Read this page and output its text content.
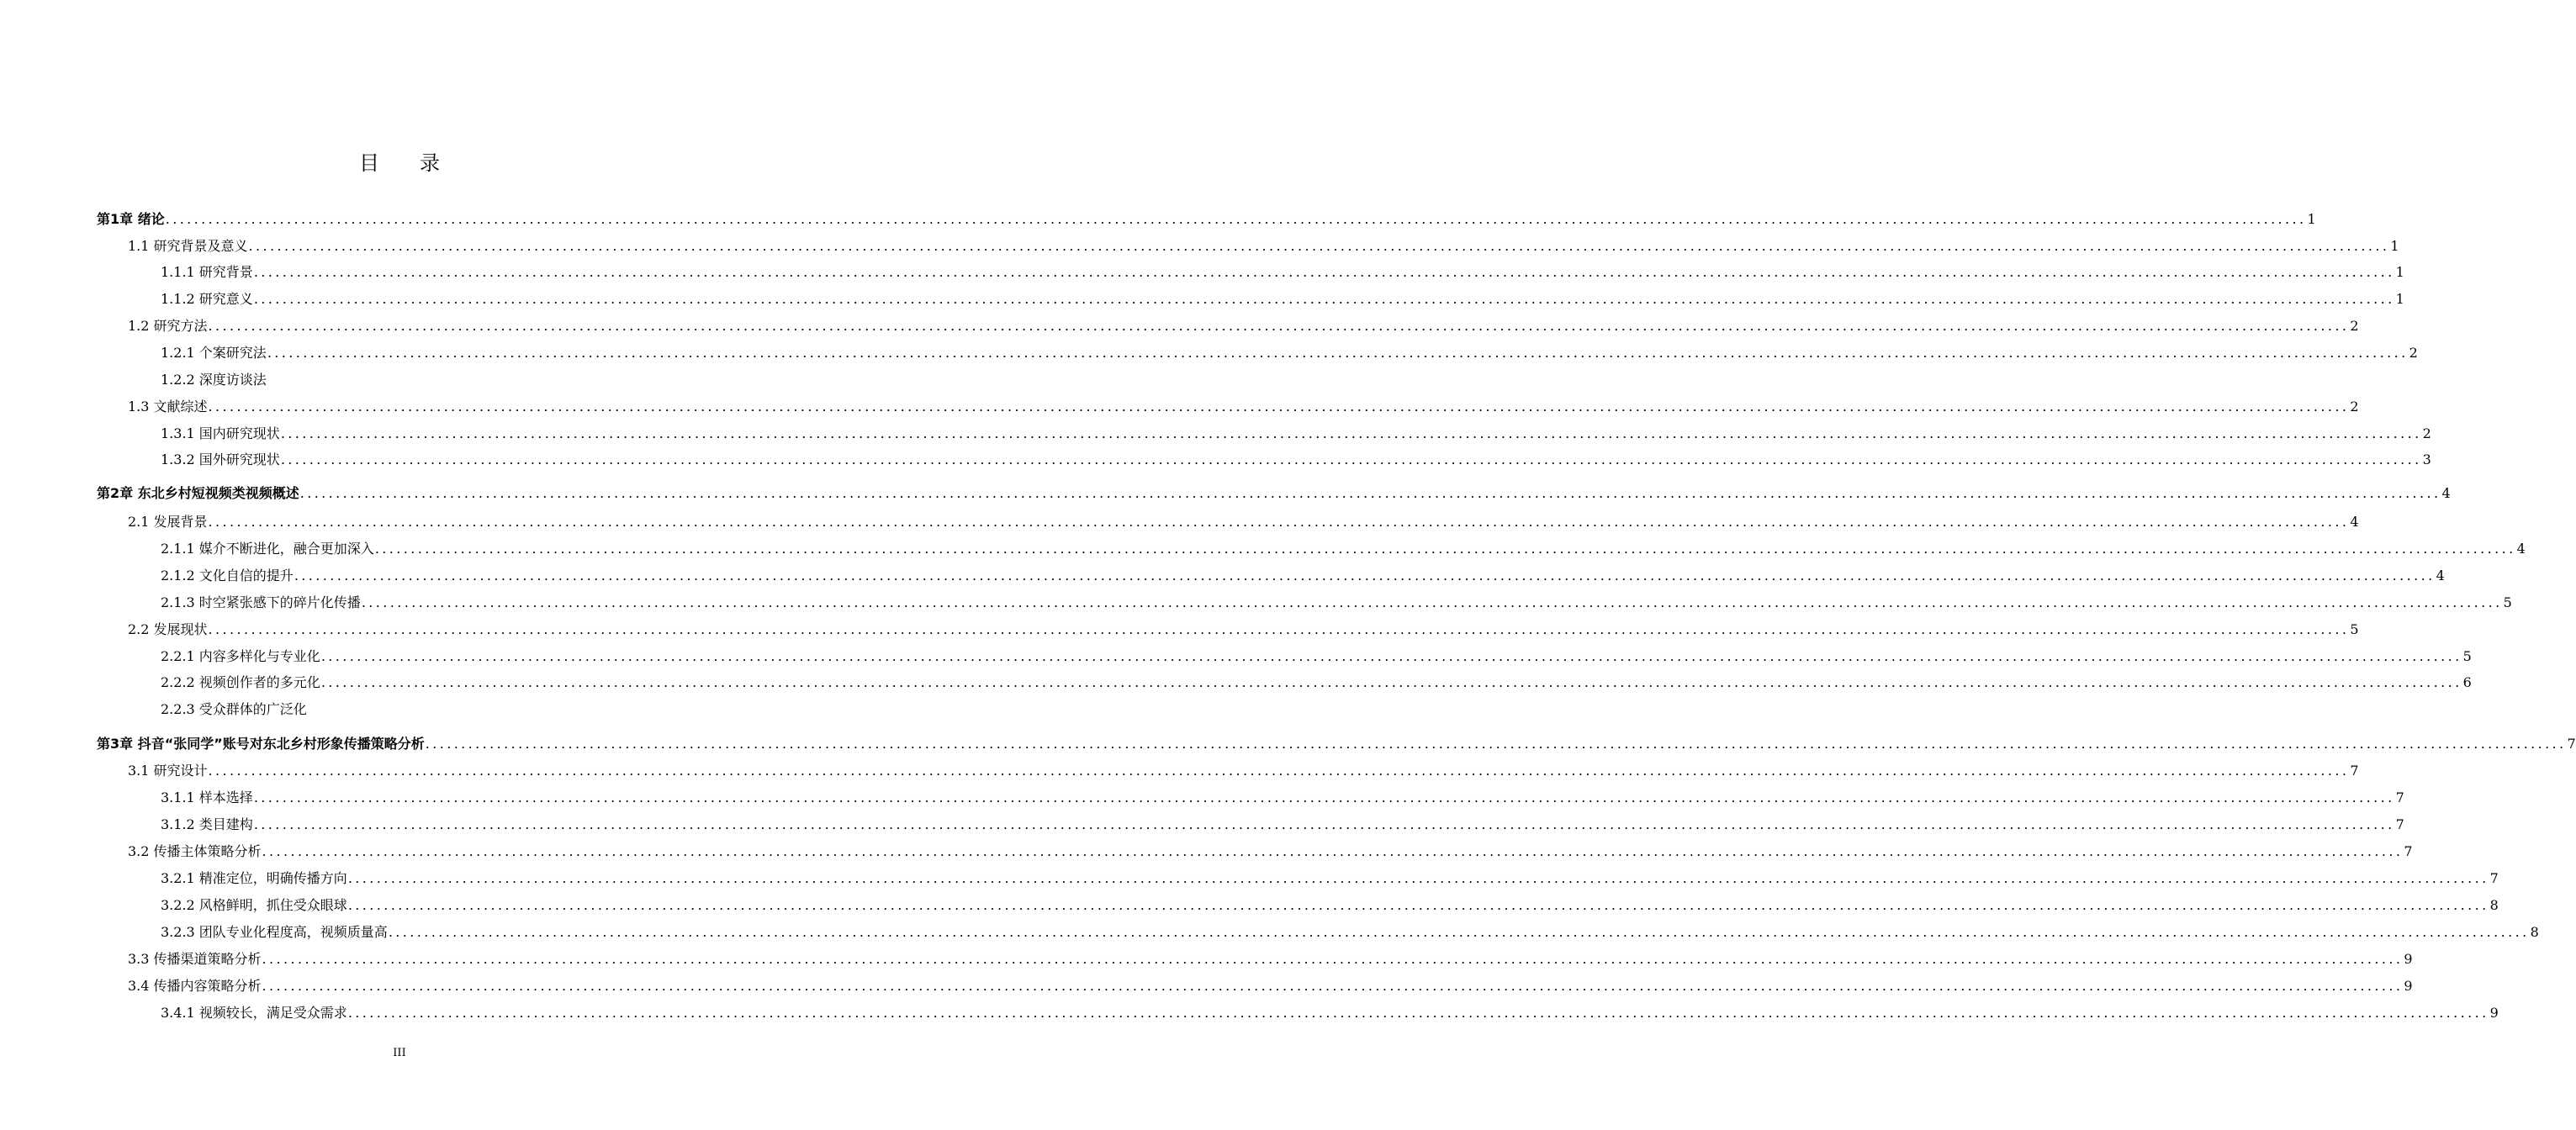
目录
第1章 绪论 ............................................................................................................................................................................................................................................................................................................ 1
1.1 研究背景及意义 ............................................................................................................................................................................................................................................................................................................ 1
1.1.1 研究背景 ............................................................................................................................................................................................................................................................................................................ 1
1.1.2 研究意义 ............................................................................................................................................................................................................................................................................................................ 1
1.2 研究方法 ............................................................................................................................................................................................................................................................................................................ 2
1.2.1 个案研究法 ............................................................................................................................................................................................................................................................................................................ 2
1.2.2 深度访谈法
1.3 文献综述 ............................................................................................................................................................................................................................................................................................................ 2
1.3.1 国内研究现状 ............................................................................................................................................................................................................................................................................................................ 2
1.3.2 国外研究现状 ............................................................................................................................................................................................................................................................................................................ 3
第2章 东北乡村短视频类视频概述 ............................................................................................................................................................................................................................................................................................................ 4
2.1 发展背景 ............................................................................................................................................................................................................................................................................................................ 4
2.1.1 媒介不断进化，融合更加深入 ............................................................................................................................................................................................................................................................................................................ 4
2.1.2 文化自信的提升 ............................................................................................................................................................................................................................................................................................................ 4
2.1.3 时空紧张感下的碎片化传播 ............................................................................................................................................................................................................................................................................................................ 5
2.2 发展现状 ............................................................................................................................................................................................................................................................................................................ 5
2.2.1 内容多样化与专业化 ............................................................................................................................................................................................................................................................................................................ 5
2.2.2 视频创作者的多元化 ............................................................................................................................................................................................................................................................................................................ 6
2.2.3 受众群体的广泛化
第3章 抖音“张同学”账号对东北乡村形象传播策略分析 ............................................................................................................................................................................................................................................................................................................ 7
3.1 研究设计 ............................................................................................................................................................................................................................................................................................................ 7
3.1.1 样本选择 ............................................................................................................................................................................................................................................................................................................ 7
3.1.2 类目建构 ............................................................................................................................................................................................................................................................................................................ 7
3.2 传播主体策略分析 ............................................................................................................................................................................................................................................................................................................ 7
3.2.1 精准定位，明确传播方向 ............................................................................................................................................................................................................................................................................................................ 7
3.2.2 风格鲜明，抓住受众眼球 ............................................................................................................................................................................................................................................................................................................ 8
3.2.3 团队专业化程度高，视频质量高 ............................................................................................................................................................................................................................................................................................................ 8
3.3 传播渠道策略分析 ............................................................................................................................................................................................................................................................................................................ 9
3.4 传播内容策略分析 ............................................................................................................................................................................................................................................................................................................ 9
3.4.1 视频较长，满足受众需求 ............................................................................................................................................................................................................................................................................................................ 9
III
